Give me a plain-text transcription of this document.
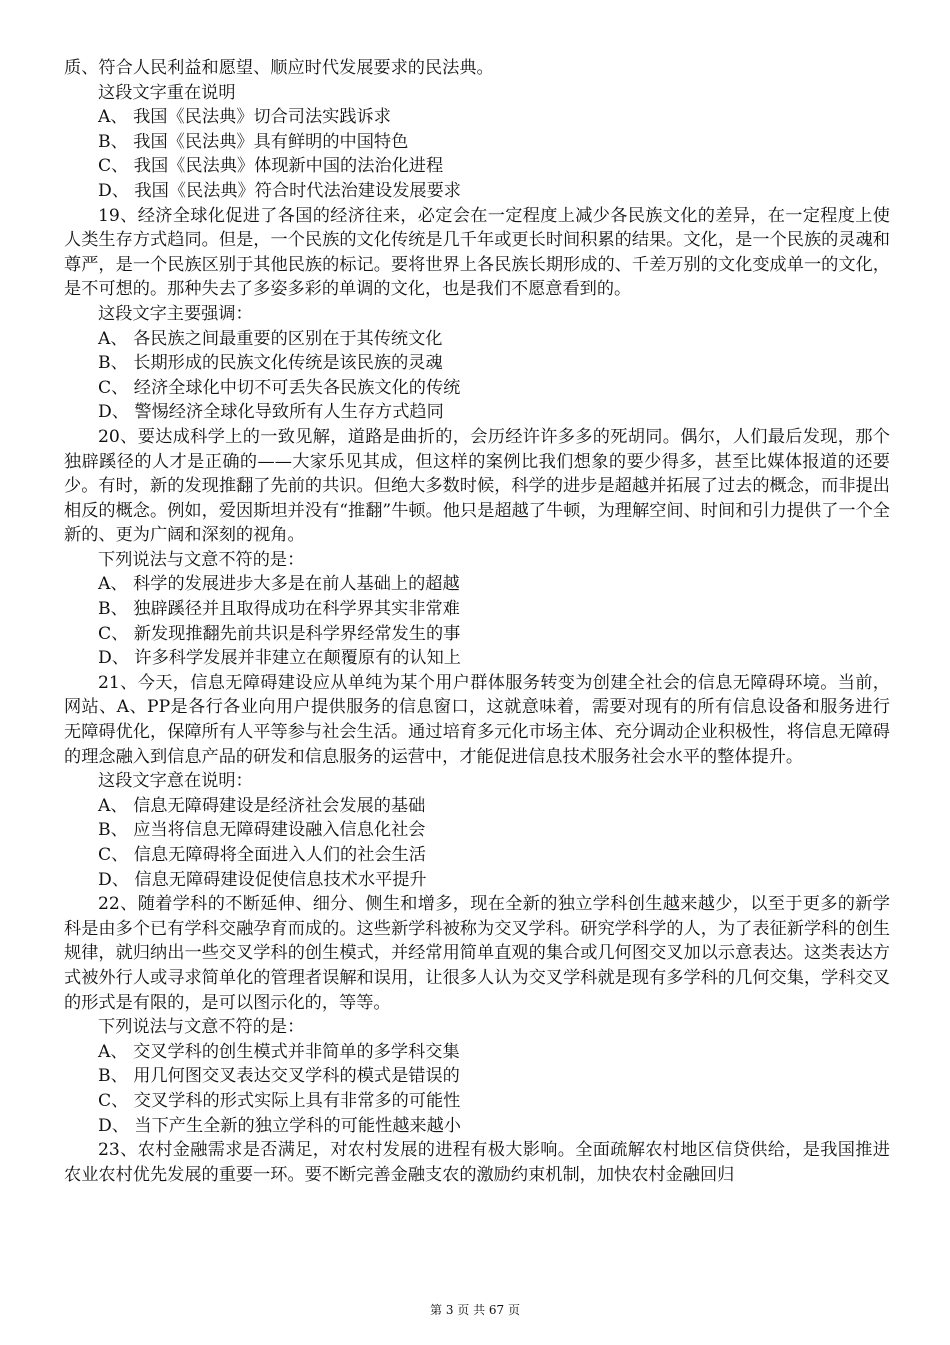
质、符合人民利益和愿望、顺应时代发展要求的民法典。

这段文字重在说明

A、 我国《民法典》切合司法实践诉求

B、 我国《民法典》具有鲜明的中国特色

C、 我国《民法典》体现新中国的法治化进程

D、 我国《民法典》符合时代法治建设发展要求

19、经济全球化促进了各国的经济往来，必定会在一定程度上减少各民族文化的差异，在一定程度上使人类生存方式趋同。但是，一个民族的文化传统是几千年或更长时间积累的结果。文化，是一个民族的灵魂和尊严，是一个民族区别于其他民族的标记。要将世界上各民族长期形成的、千差万别的文化变成单一的文化，是不可想的。那种失去了多姿多彩的单调的文化，也是我们不愿意看到的。

这段文字主要强调：

A、 各民族之间最重要的区别在于其传统文化

B、 长期形成的民族文化传统是该民族的灵魂

C、 经济全球化中切不可丢失各民族文化的传统

D、 警惕经济全球化导致所有人生存方式趋同

20、要达成科学上的一致见解，道路是曲折的，会历经许许多多的死胡同。偶尔，人们最后发现，那个独辟蹊径的人才是正确的——大家乐见其成，但这样的案例比我们想象的要少得多，甚至比媒体报道的还要少。有时，新的发现推翻了先前的共识。但绝大多数时候，科学的进步是超越并拓展了过去的概念，而非提出相反的概念。例如，爱因斯坦并没有“推翻”牛顿。他只是超越了牛顿，为理解空间、时间和引力提供了一个全新的、更为广阔和深刻的视角。

下列说法与文意不符的是：

A、 科学的发展进步大多是在前人基础上的超越

B、 独辟蹊径并且取得成功在科学界其实非常难

C、 新发现推翻先前共识是科学界经常发生的事

D、 许多科学发展并非建立在颠覆原有的认知上

21、今天，信息无障碍建设应从单纯为某个用户群体服务转变为创建全社会的信息无障碍环境。当前，网站、A、PP是各行各业向用户提供服务的信息窗口，这就意味着，需要对现有的所有信息设备和服务进行无障碍优化，保障所有人平等参与社会生活。通过培育多元化市场主体、充分调动企业积极性，将信息无障碍的理念融入到信息产品的研发和信息服务的运营中，才能促进信息技术服务社会水平的整体提升。

这段文字意在说明：

A、 信息无障碍建设是经济社会发展的基础

B、 应当将信息无障碍建设融入信息化社会

C、 信息无障碍将全面进入人们的社会生活

D、 信息无障碍建设促使信息技术水平提升

22、随着学科的不断延伸、细分、侧生和增多，现在全新的独立学科创生越来越少，以至于更多的新学科是由多个已有学科交融孕育而成的。这些新学科被称为交叉学科。研究学科学的人，为了表征新学科的创生规律，就归纳出一些交叉学科的创生模式，并经常用简单直观的集合或几何图交叉加以示意表达。这类表达方式被外行人或寻求简单化的管理者误解和误用，让很多人认为交叉学科就是现有多学科的几何交集，学科交叉的形式是有限的，是可以图示化的，等等。

下列说法与文意不符的是：

A、 交叉学科的创生模式并非简单的多学科交集

B、 用几何图交叉表达交叉学科的模式是错误的

C、 交叉学科的形式实际上具有非常多的可能性

D、 当下产生全新的独立学科的可能性越来越小

23、农村金融需求是否满足，对农村发展的进程有极大影响。全面疏解农村地区信贷供给，是我国推进农业农村优先发展的重要一环。要不断完善金融支农的激励约束机制，加快农村金融回归

第 3 页 共 67 页
